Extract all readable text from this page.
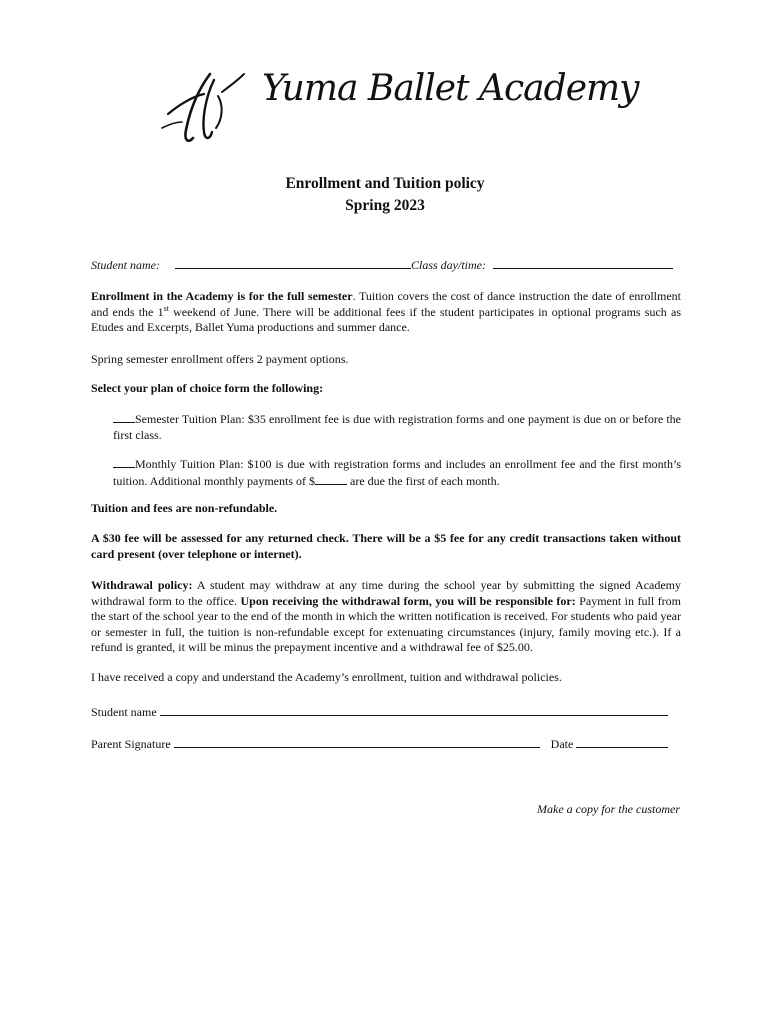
Yuma Ballet Academy
Enrollment and Tuition policy
Spring 2023
Student name:	Class day/time:
Enrollment in the Academy is for the full semester. Tuition covers the cost of dance instruction the date of enrollment and ends the 1st weekend of June. There will be additional fees if the student participates in optional programs such as Etudes and Excerpts, Ballet Yuma productions and summer dance.
Spring semester enrollment offers 2 payment options.
Select your plan of choice form the following:
Semester Tuition Plan: $35 enrollment fee is due with registration forms and one payment is due on or before the first class.
Monthly Tuition Plan: $100 is due with registration forms and includes an enrollment fee and the first month’s tuition. Additional monthly payments of $	are due the first of each month.
Tuition and fees are non-refundable.
A $30 fee will be assessed for any returned check. There will be a $5 fee for any credit transactions taken without card present (over telephone or internet).
Withdrawal policy: A student may withdraw at any time during the school year by submitting the signed Academy withdrawal form to the office. Upon receiving the withdrawal form, you will be responsible for: Payment in full from the start of the school year to the end of the month in which the written notification is received. For students who paid year or semester in full, the tuition is non-refundable except for extenuating circumstances (injury, family moving etc.). If a refund is granted, it will be minus the prepayment incentive and a withdrawal fee of $25.00.
I have received a copy and understand the Academy’s enrollment, tuition and withdrawal policies.
Student name
Parent Signature	Date
Make a copy for the customer
